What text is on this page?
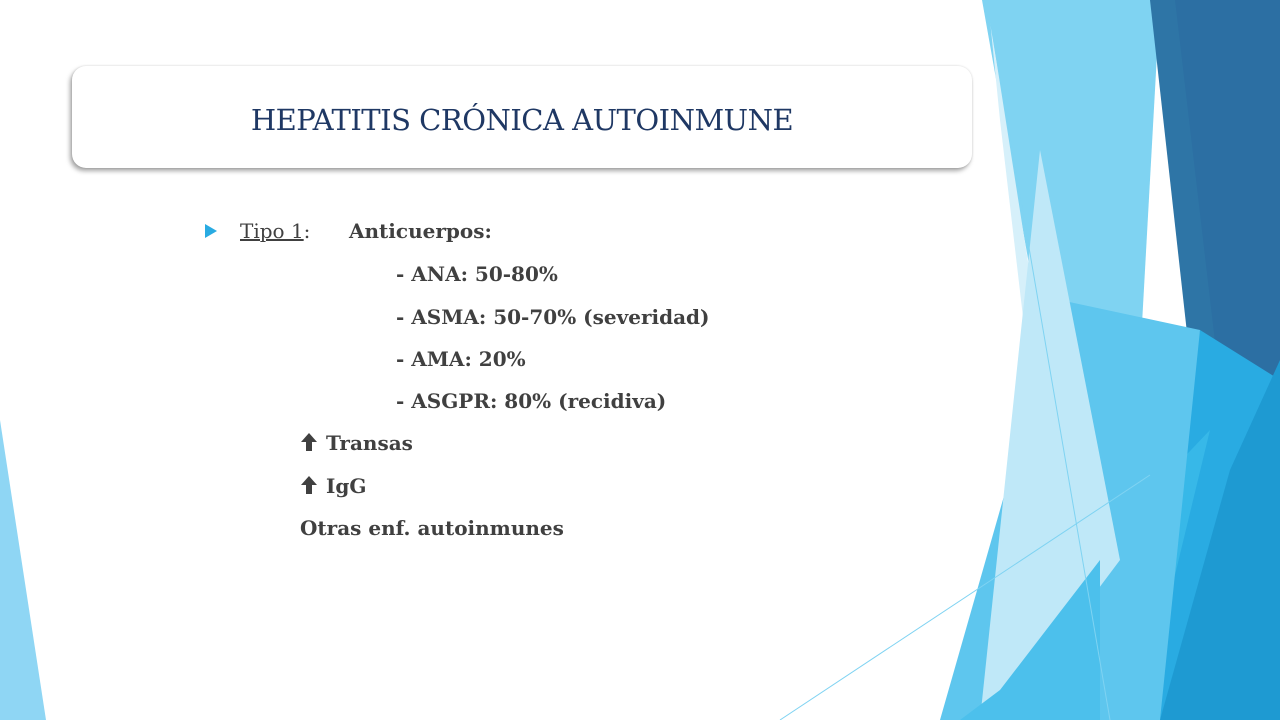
HEPATITIS CRÓNICA AUTOINMUNE
Tipo 1: Anticuerpos:
- ANA: 50-80%
- ASMA: 50-70% (severidad)
- AMA: 20%
- ASGPR: 80% (recidiva)
Transas
IgG
Otras enf. autoinmunes
